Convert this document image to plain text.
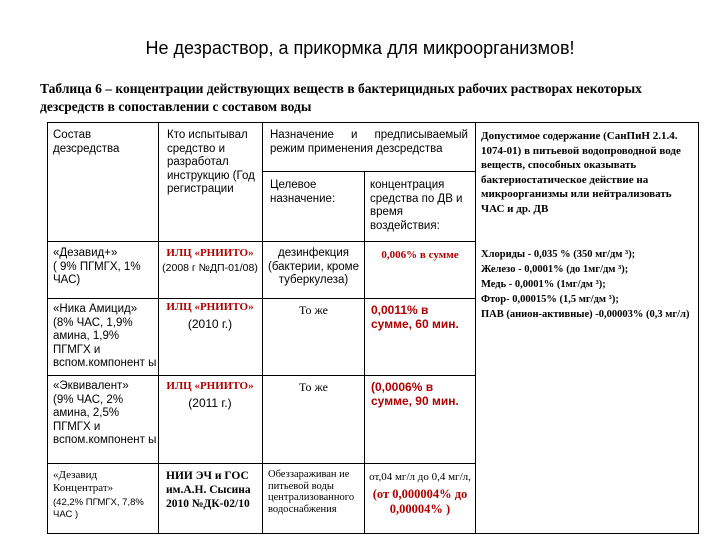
Не дезраствор, а прикормка для микроорганизмов!
Таблица 6 – концентрации действующих веществ в бактерицидных рабочих растворах некоторых дезсредств в сопоставлении с составом воды
Состав дезсредства
Кто испытывал средство и разработал инструкцию (Год регистрации
Назначение и предписываемый режим применения дезсредства
Целевое назначение:
концентрация средства по ДВ и время воздействия:
Допустимое содержание (СанПиН 2.1.4. 1074-01) в питьевой водопроводной воде веществ, способных оказывать бактериостатическое действие на микроорганизмы или нейтрализовать ЧАС и др. ДВ
«Дезавид+»
( 9% ПГМГХ, 1% ЧАС)
ИЛЦ «РНИИТО»
(2008 г №ДП-01/08)
дезинфекция (бактерии, кроме туберкулеза)
0,006% в сумме
«Ника Амицид»
(8% ЧАС, 1,9% амина, 1,9% ПГМГХ и вспом.компонент ы
ИЛЦ «РНИИТО»
(2010 г.)
То же	0,0011% в сумме, 60 мин.
«Эквивалент»
(9% ЧАС, 2% амина, 2,5% ПГМГХ и вспом.компонент ы
ИЛЦ «РНИИТО»
(2011 г.)
То же	(0,0006% в сумме, 90 мин.
«Дезавид Концентрат»
(42,2% ПГМГХ, 7,8% ЧАС )
НИИ ЭЧ и ГОС им.А.Н. Сысина
2010 №ДК-02/10
Обеззараживан ие питьевой воды централизованного водоснабжения
от,04 мг/л до 0,4 мг/л,
(от 0,000004% до 0,00004% )
Хлориды - 0,035 % (350 мг/дм ³);
Железо - 0,0001% (до 1мг/дм ³);
Медь - 0,0001% (1мг/дм ³);
Фтор- 0,00015% (1,5 мг/дм ³);
ПАВ (анион-активные) -0,00003% (0,3 мг/л)
